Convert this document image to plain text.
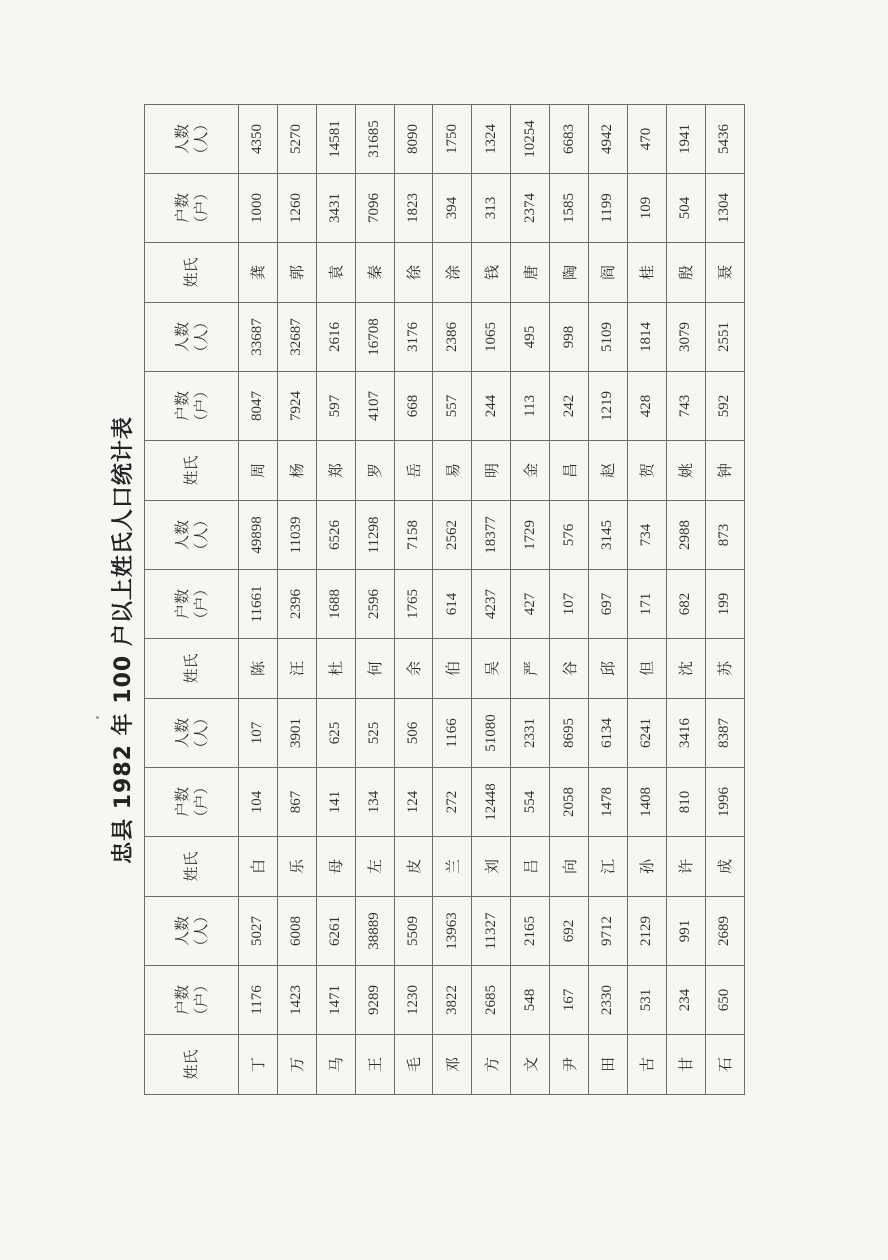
忠县 1982 年 100 户以上姓氏人口统计表
姓氏	户数 （户）	人数 （人）	姓氏	户数 （户）	人数 （人）	姓氏	户数 （户）	人数 （人）	姓氏	户数 （户）	人数 （人）	姓氏	户数 （户）	人数 （人）

丁	1176	5027	白	104	107	陈	11661	49898	周	8047	33687	龚	1000	4350
万	1423	6008	乐	867	3901	汪	2396	11039	杨	7924	32687	郭	1260	5270
马	1471	6261	母	141	625	杜	1688	6526	郑	597	2616	袁	3431	14581
王	9289	38889	左	134	525	何	2596	11298	罗	4107	16708	秦	7096	31685
毛	1230	5509	皮	124	506	余	1765	7158	岳	668	3176	徐	1823	8090
邓	3822	13963	兰	272	1166	伯	614	2562	易	557	2386	涂	394	1750
方	2685	11327	刘	12448	51080	吴	4237	18377	明	244	1065	钱	313	1324
文	548	2165	吕	554	2331	严	427	1729	金	113	495	唐	2374	10254
尹	167	692	向	2058	8695	谷	107	576	昌	242	998	陶	1585	6683
田	2330	9712	江	1478	6134	邱	697	3145	赵	1219	5109	阎	1199	4942
古	531	2129	孙	1408	6241	但	171	734	贺	428	1814	桂	109	470
甘	234	991	许	810	3416	沈	682	2988	姚	743	3079	殷	504	1941
石	650	2689	成	1996	8387	苏	199	873	钟	592	2551	聂	1304	5436
